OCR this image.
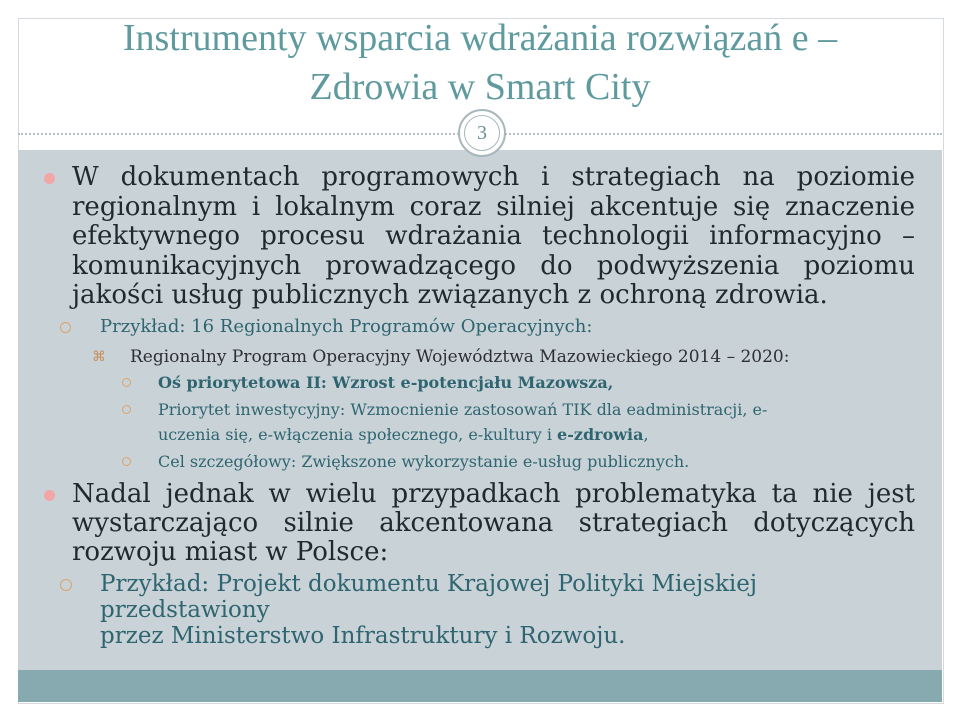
Instrumenty wsparcia wdrażania rozwiązań e –
Zdrowia w Smart City
3
W dokumentach programowych i strategiach na poziomie
regionalnym i lokalnym coraz silniej akcentuje się znaczenie
efektywnego procesu wdrażania technologii informacyjno –
komunikacyjnych prowadzącego do podwyższenia poziomu
jakości usług publicznych związanych z ochroną zdrowia.
Przykład: 16 Regionalnych Programów Operacyjnych:
⌘ Regionalny Program Operacyjny Województwa Mazowieckiego 2014 – 2020:
Oś priorytetowa II: Wzrost e-potencjału Mazowsza,
Priorytet inwestycyjny: Wzmocnienie zastosowań TIK dla eadministracji, e-
uczenia się, e-włączenia społecznego, e-kultury i e-zdrowia,
Cel szczegółowy: Zwiększone wykorzystanie e-usług publicznych.
Nadal jednak w wielu przypadkach problematyka ta nie jest
wystarczająco silnie akcentowana strategiach dotyczących
rozwoju miast w Polsce:
Przykład: Projekt dokumentu Krajowej Polityki Miejskiej przedstawiony
przez Ministerstwo Infrastruktury i Rozwoju.
